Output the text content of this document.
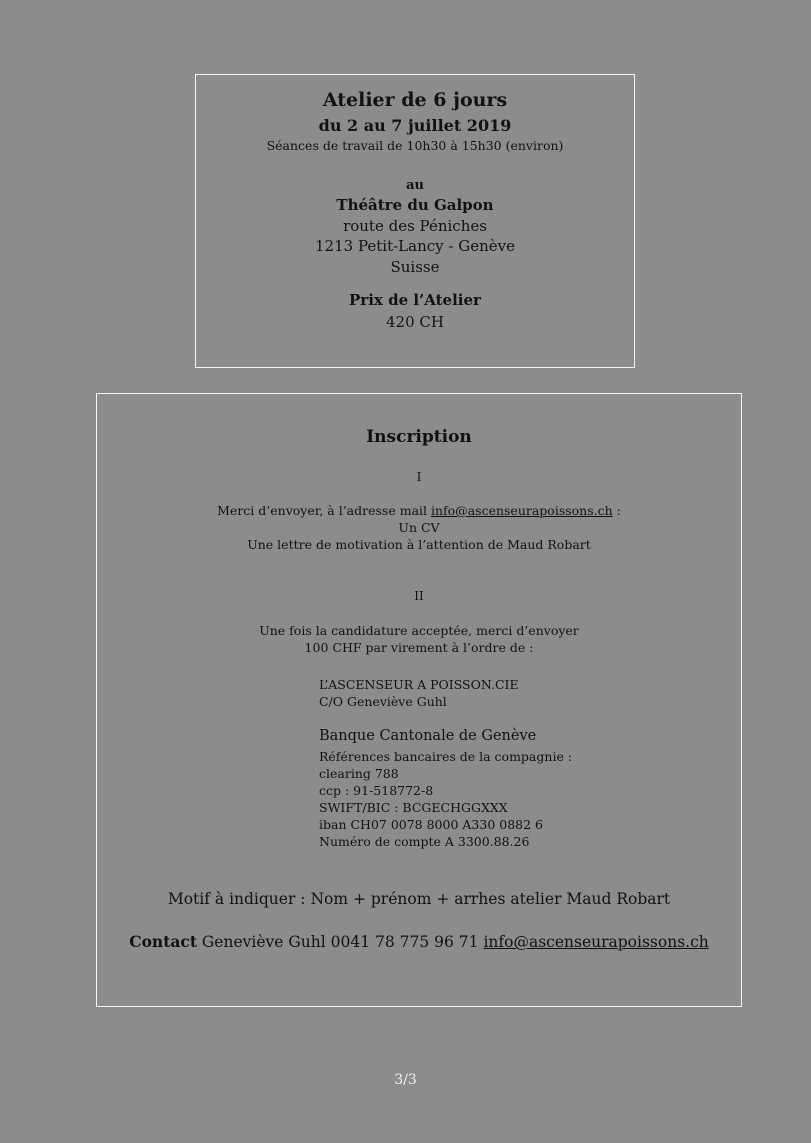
Atelier de 6 jours
du 2 au 7 juillet 2019
Séances de travail de 10h30 à 15h30 (environ)
au
Théâtre du Galpon
route des Péniches
1213 Petit-Lancy - Genève
Suisse
Prix de l’Atelier
420 CH
Inscription
I
Merci d’envoyer, à l’adresse mail info@ascenseurapoissons.ch :
Un CV
Une lettre de motivation à l’attention de Maud Robart
II
Une fois la candidature acceptée, merci d’envoyer
100 CHF par virement à l’ordre de :
L’ASCENSEUR A POISSON.CIE
C/O Geneviève Guhl
Banque Cantonale de Genève
Références bancaires de la compagnie :
clearing 788
ccp : 91-518772-8
SWIFT/BIC : BCGECHGGXXX
iban CH07 0078 8000 A330 0882 6
Numéro de compte A 3300.88.26
Motif à indiquer : Nom + prénom + arrhes atelier Maud Robart
Contact Geneviève Guhl 0041 78 775 96 71 info@ascenseurapoissons.ch
3/3
